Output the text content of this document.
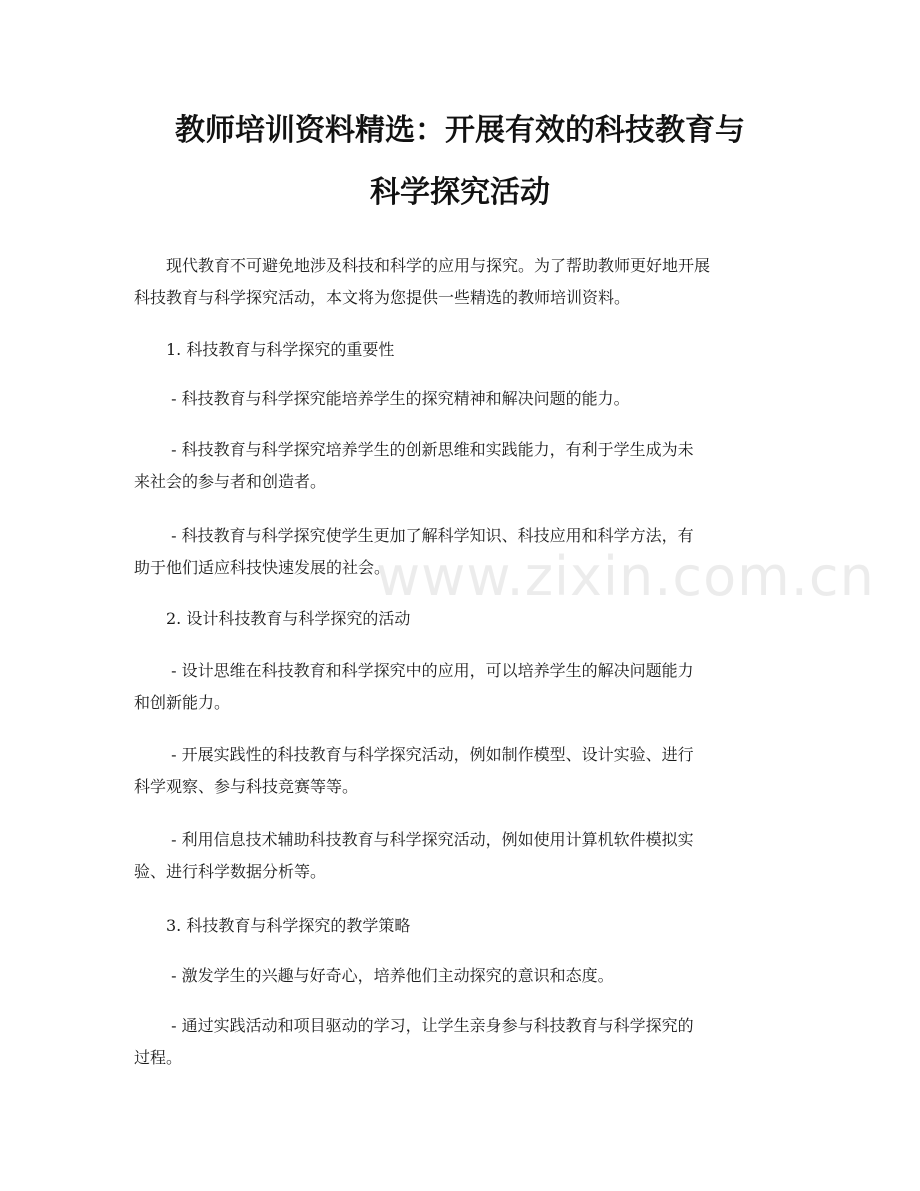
教师培训资料精选：开展有效的科技教育与
科学探究活动

　　现代教育不可避免地涉及科技和科学的应用与探究。为了帮助教师更好地开展
科技教育与科学探究活动，本文将为您提供一些精选的教师培训资料。

　　1. 科技教育与科学探究的重要性

　　 - 科技教育与科学探究能培养学生的探究精神和解决问题的能力。

　　 - 科技教育与科学探究培养学生的创新思维和实践能力，有利于学生成为未
来社会的参与者和创造者。

　　 - 科技教育与科学探究使学生更加了解科学知识、科技应用和科学方法，有
助于他们适应科技快速发展的社会。

　　2. 设计科技教育与科学探究的活动

　　 - 设计思维在科技教育和科学探究中的应用，可以培养学生的解决问题能力
和创新能力。

　　 - 开展实践性的科技教育与科学探究活动，例如制作模型、设计实验、进行
科学观察、参与科技竞赛等等。

　　 - 利用信息技术辅助科技教育与科学探究活动，例如使用计算机软件模拟实
验、进行科学数据分析等。

　　3. 科技教育与科学探究的教学策略

　　 - 激发学生的兴趣与好奇心，培养他们主动探究的意识和态度。

　　 - 通过实践活动和项目驱动的学习，让学生亲身参与科技教育与科学探究的
过程。

www.zixin.com.cn
